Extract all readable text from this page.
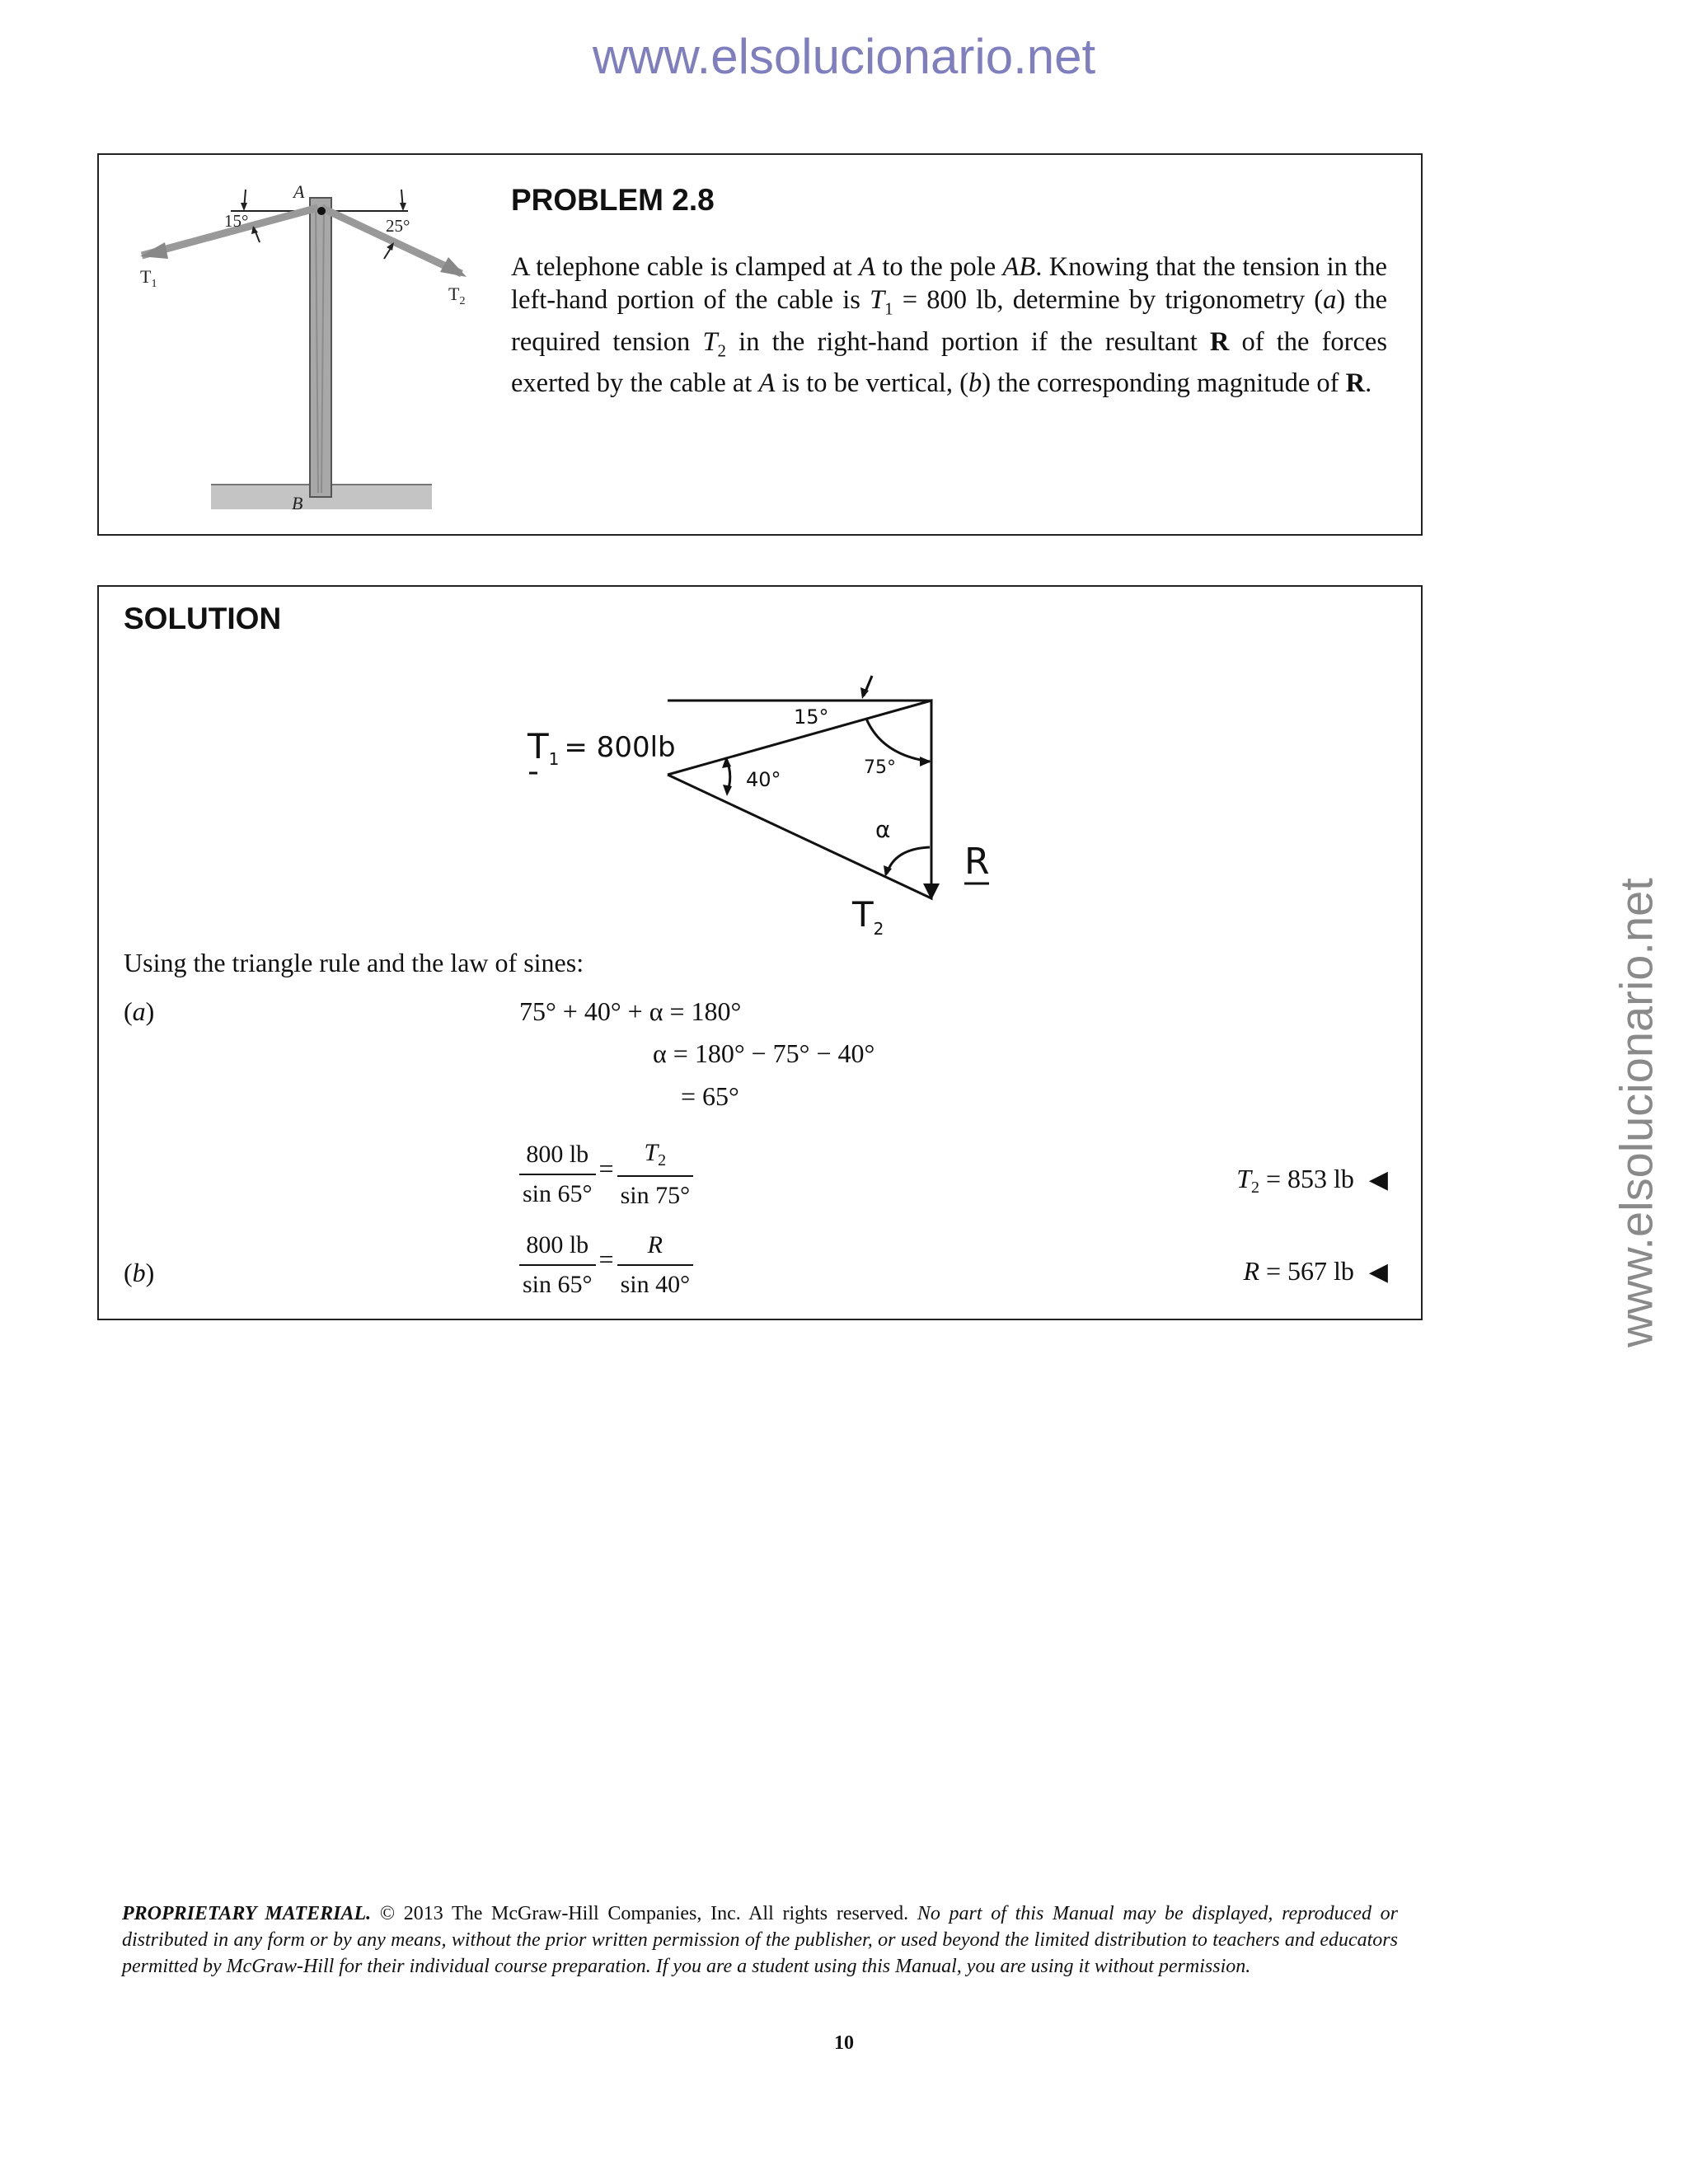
www.elsolucionario.net
www.elsolucionario.net
15°	25°
A
B
$T_1$	$T_2$
PROBLEM 2.8
A telephone cable is clamped at A to the pole AB. Knowing that the tension in the left-hand portion of the cable is $T_1 = 800$ lb, determine by trigonometry (a) the required tension $T_2$ in the right-hand portion if the resultant R of the forces exerted by the cable at A is to be vertical, (b) the corresponding magnitude of R.
SOLUTION
T1 $^{= 800lb}$
15°
40°
75°
α
R
$T_2$
Using the triangle rule and the law of sines:
(a)	75° + 40° + α = 180°
α = 180° − 75° − 40°
= 65°
$\frac{800 lb}{\sin 65^\circ} = \frac{T_2}{\sin 75^\circ}$	$T_2 = 853$ lb ◀
(b)	$\frac{800 lb}{\sin 65^\circ} = \frac{R}{\sin 40^\circ}$	R = 567 lb ◀
PROPRIETARY MATERIAL. © 2013 The McGraw-Hill Companies, Inc. All rights reserved. No part of this Manual may be displayed, reproduced or distributed in any form or by any means, without the prior written permission of the publisher, or used beyond the limited distribution to teachers and educators permitted by McGraw-Hill for their individual course preparation. If you are a student using this Manual, you are using it without permission.
10
